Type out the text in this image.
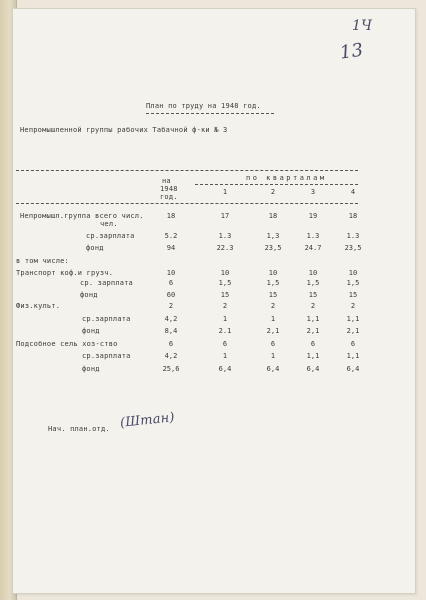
1Ч
13
План по труду на 1948 год.
Непромышленной группы рабочих Табачной ф-ки № 3
по кварталам
на
1948
год.
1	2	3	4
Непромышл.группа всего числ.
чел.
18	17	18	19	18
ср.зарплата	5.2	1.3	1,3	1.3	1.3
фонд	94	22.3	23,5	24.7	23,5
в том числе:
Транспорт коф.и грузч.	10	10	10	10	10
ср. зарплата	6	1,5	1,5	1,5	1,5
фонд	60	15	15	15	15
Физ.культ.	2	2	2	2	2
ср.зарплата	4,2	1	1	1,1	1,1
фонд	8,4	2.1	2,1	2,1	2,1
Подсобное сель хоз-ство	6	6	6	6	6
ср.зарплата	4,2	1	1	1,1	1,1
фонд	25,6	6,4	6,4	6,4	6,4
Нач. план.отд. (Штан)
